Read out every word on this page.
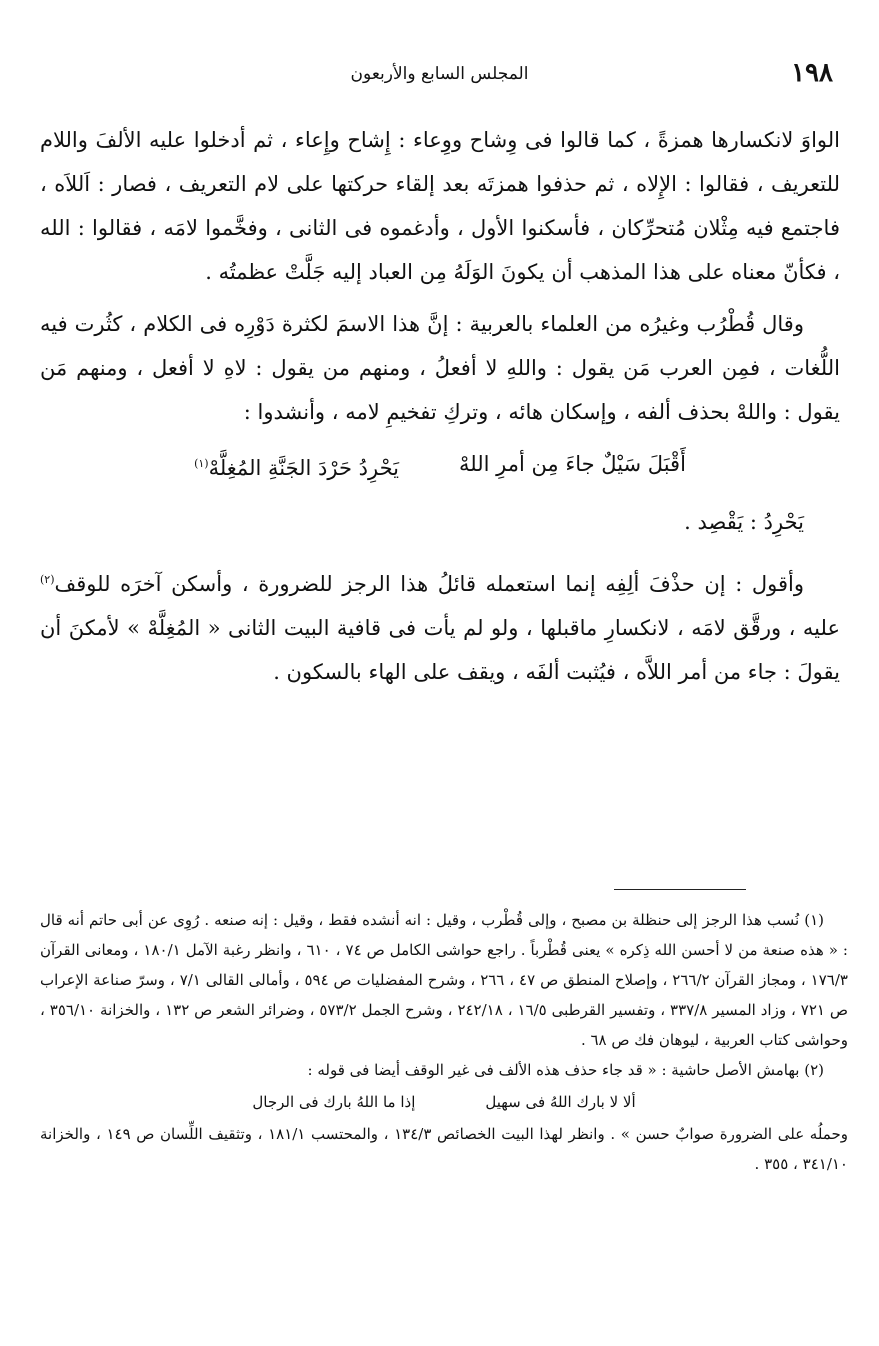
١٩٨
المجلس السابع والأربعون

الواوَ لانكسارها همزةً ، كما قالوا فى وِشاح ووِعاء : إِشاح وإِعاء ، ثم أدخلوا عليه الألفَ واللام للتعريف ، فقالوا : الإِلاه ، ثم حذفوا همزتَه بعد إلقاء حركتها على لام التعريف ، فصار : اَللاَه ، فاجتمع فيه مِثْلان مُتحرِّكان ، فأسكنوا الأول ، وأدغموه فى الثانى ، وفخَّموا لامَه ، فقالوا : الله ، فكأنّ معناه على هذا المذهب أن يكونَ الوَلَهُ مِن العباد إليه جَلَّتْ عظمتُه .

وقال قُطْرُب وغيرُه من العلماء بالعربية : إنَّ هذا الاسمَ لكثرة دَوْرِه فى الكلام ، كثُرت فيه اللُّغات ، فمِن العرب مَن يقول : واللهِ لا أفعلُ ، ومنهم من يقول : لاهِ لا أفعل ، ومنهم مَن يقول : واللهْ بحذف ألفه ، وإسكان هائه ، وتركِ تفخيمِ لامه ، وأنشدوا :

أَقْبَلَ سَيْلٌ جاءَ مِن أمرِ اللهْ
يَحْرِدُ حَرْدَ الجَنَّةِ المُغِلَّهْ$^{(١)}$

يَحْرِدُ : يَقْصِد .

وأقول : إن حذْفَ ألِفِه إنما استعمله قائلُ هذا الرجز للضرورة ، وأسكن آخرَه للوقف$^{(٢)}$ عليه ، ورقَّق لامَه ، لانكسارِ ماقبلها ، ولو لم يأت فى قافية البيت الثانى « المُغِلَّهْ » لأمكنَ أن يقولَ : جاء من أمر اللاَّه ، فيُثبت ألفَه ، ويقف على الهاء بالسكون .

(١) نُسب هذا الرجز إلى حنظلة بن مصبح ، وإلى قُطْرب ، وقيل : انه أنشده فقط ، وقيل : إنه صنعه . رُوِى عن أبى حاتم أنه قال : « هذه صنعة من لا أحسن الله ذِكره » يعنى قُطْرباً . راجع حواشى الكامل ص ٧٤ ، ٦١٠ ، وانظر رغبة الآمل ١٨٠/١ ، ومعانى القرآن ١٧٦/٣ ، ومجاز القرآن ٢٦٦/٢ ، وإصلاح المنطق ص ٤٧ ، ٢٦٦ ، وشرح المفضليات ص ٥٩٤ ، وأمالى القالى ٧/١ ، وسرّ صناعة الإعراب ص ٧٢١ ، وزاد المسير ٣٣٧/٨ ، وتفسير القرطبى ١٦/٥ ، ٢٤٢/١٨ ، وشرح الجمل ٥٧٣/٢ ، وضرائر الشعر ص ١٣٢ ، والخزانة ٣٥٦/١٠ ، وحواشى كتاب العربية ، ليوهان فك ص ٦٨ .

(٢) بهامش الأصل حاشية : « قد جاء حذف هذه الألف فى غير الوقف أيضا فى قوله :

ألا لا بارك اللهُ فى سهيل
إذا ما اللهُ بارك فى الرجال

وحملُه على الضرورة صوابٌ حسن » . وانظر لهذا البيت الخصائص ١٣٤/٣ ، والمحتسب ١٨١/١ ، وتثقيف اللِّسان ص ١٤٩ ، والخزانة ٣٤١/١٠ ، ٣٥٥ .
